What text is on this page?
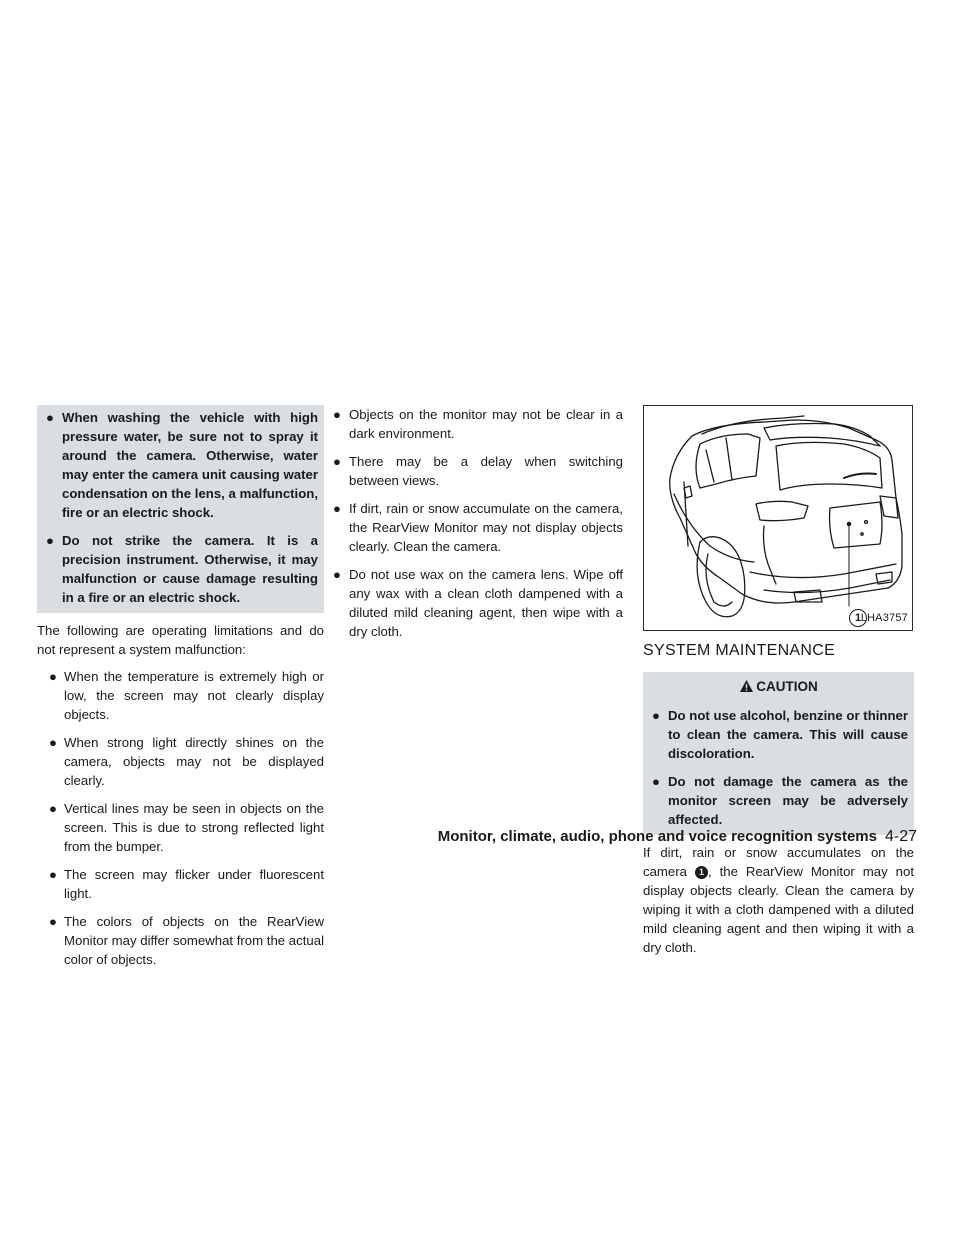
● When washing the vehicle with high pressure water, be sure not to spray it around the camera. Otherwise, water may enter the camera unit causing water condensation on the lens, a malfunction, fire or an electric shock.
● Do not strike the camera. It is a precision instrument. Otherwise, it may malfunction or cause damage resulting in a fire or an electric shock.
The following are operating limitations and do not represent a system malfunction:
● When the temperature is extremely high or low, the screen may not clearly display objects.
● When strong light directly shines on the camera, objects may not be displayed clearly.
● Vertical lines may be seen in objects on the screen. This is due to strong reflected light from the bumper.
● The screen may flicker under fluorescent light.
● The colors of objects on the RearView Monitor may differ somewhat from the actual color of objects.
● Objects on the monitor may not be clear in a dark environment.
● There may be a delay when switching between views.
● If dirt, rain or snow accumulate on the camera, the RearView Monitor may not display objects clearly. Clean the camera.
● Do not use wax on the camera lens. Wipe off any wax with a clean cloth dampened with a diluted mild cleaning agent, then wipe with a dry cloth.
1 LHA3757
SYSTEM MAINTENANCE
CAUTION
● Do not use alcohol, benzine or thinner to clean the camera. This will cause discoloration.
● Do not damage the camera as the monitor screen may be adversely affected.
If dirt, rain or snow accumulates on the camera 1 , the RearView Monitor may not display objects clearly. Clean the camera by wiping it with a cloth dampened with a diluted mild cleaning agent and then wiping it with a dry cloth.
Monitor, climate, audio, phone and voice recognition systems 4-27
